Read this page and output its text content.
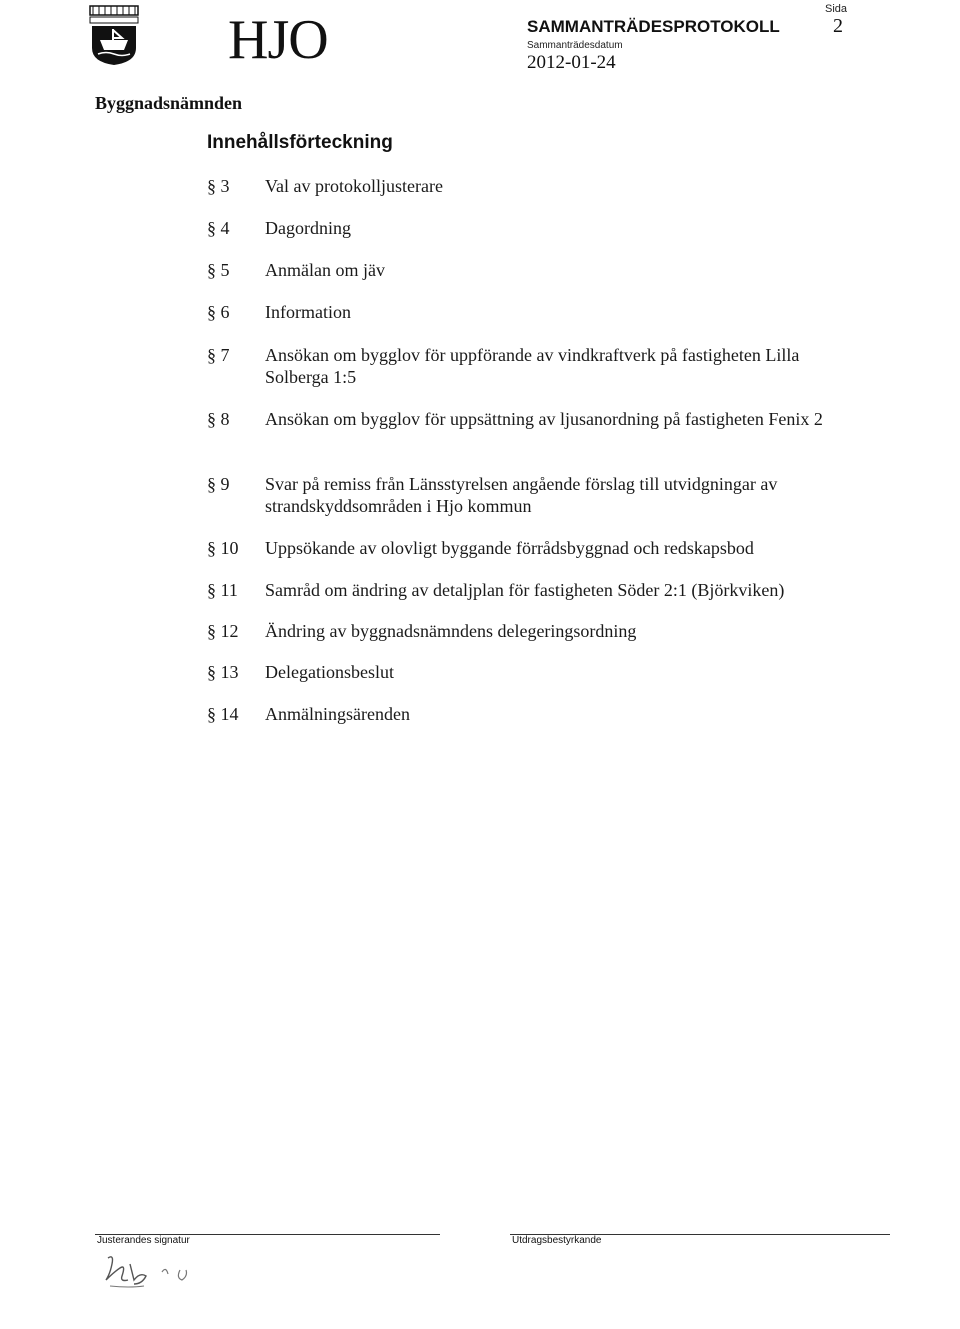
HJO	SAMMANTRÄDESPROTOKOLL
Sammanträdesdatum
2012-01-24
Sida
2
Byggnadsnämnden
Innehållsförteckning
§ 3 Val av protokolljusterare
§ 4 Dagordning
§ 5 Anmälan om jäv
§ 6 Information
§ 7 Ansökan om bygglov för uppförande av vindkraftverk på fastigheten Lilla Solberga 1:5
§ 8 Ansökan om bygglov för uppsättning av ljusanordning på fastigheten Fenix 2
§ 9 Svar på remiss från Länsstyrelsen angående förslag till utvidgningar av strandskyddsområden i Hjo kommun
§ 10 Uppsökande av olovligt byggande förrådsbyggnad och redskapsbod
§ 11 Samråd om ändring av detaljplan för fastigheten Söder 2:1 (Björkviken)
§ 12 Ändring av byggnadsnämndens delegeringsordning
§ 13 Delegationsbeslut
§ 14 Anmälningsärenden
Justerandes signatur	Utdragsbestyrkande
